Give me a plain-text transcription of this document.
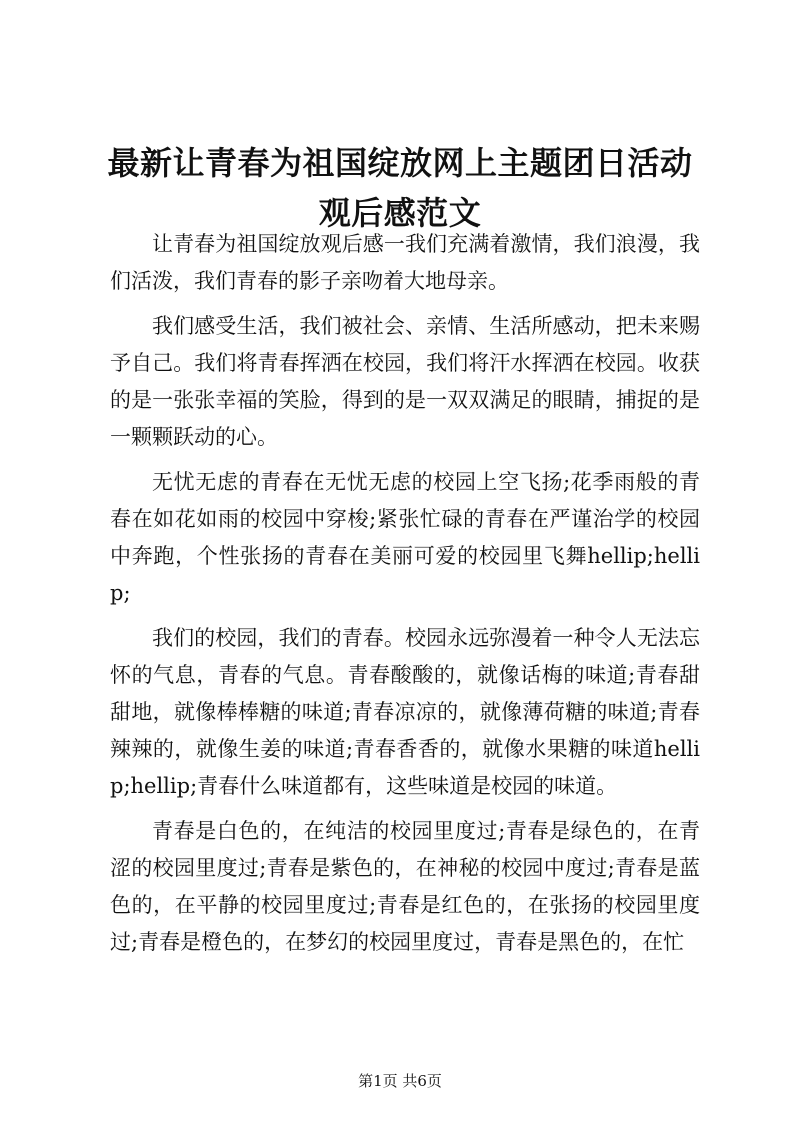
最新让青春为祖国绽放网上主题团日活动观后感范文

让青春为祖国绽放观后感一我们充满着激情，我们浪漫，我们活泼，我们青春的影子亲吻着大地母亲。

我们感受生活，我们被社会、亲情、生活所感动，把未来赐予自己。我们将青春挥洒在校园，我们将汗水挥洒在校园。收获的是一张张幸福的笑脸，得到的是一双双满足的眼睛，捕捉的是一颗颗跃动的心。

无忧无虑的青春在无忧无虑的校园上空飞扬;花季雨般的青春在如花如雨的校园中穿梭;紧张忙碌的青春在严谨治学的校园中奔跑，个性张扬的青春在美丽可爱的校园里飞舞hellip;hellip;

我们的校园，我们的青春。校园永远弥漫着一种令人无法忘怀的气息，青春的气息。青春酸酸的，就像话梅的味道;青春甜甜地，就像棒棒糖的味道;青春凉凉的，就像薄荷糖的味道;青春辣辣的，就像生姜的味道;青春香香的，就像水果糖的味道hellip;hellip;青春什么味道都有，这些味道是校园的味道。

青春是白色的，在纯洁的校园里度过;青春是绿色的，在青涩的校园里度过;青春是紫色的，在神秘的校园中度过;青春是蓝色的，在平静的校园里度过;青春是红色的，在张扬的校园里度过;青春是橙色的，在梦幻的校园里度过，青春是黑色的，在忙

第1页 共6页
